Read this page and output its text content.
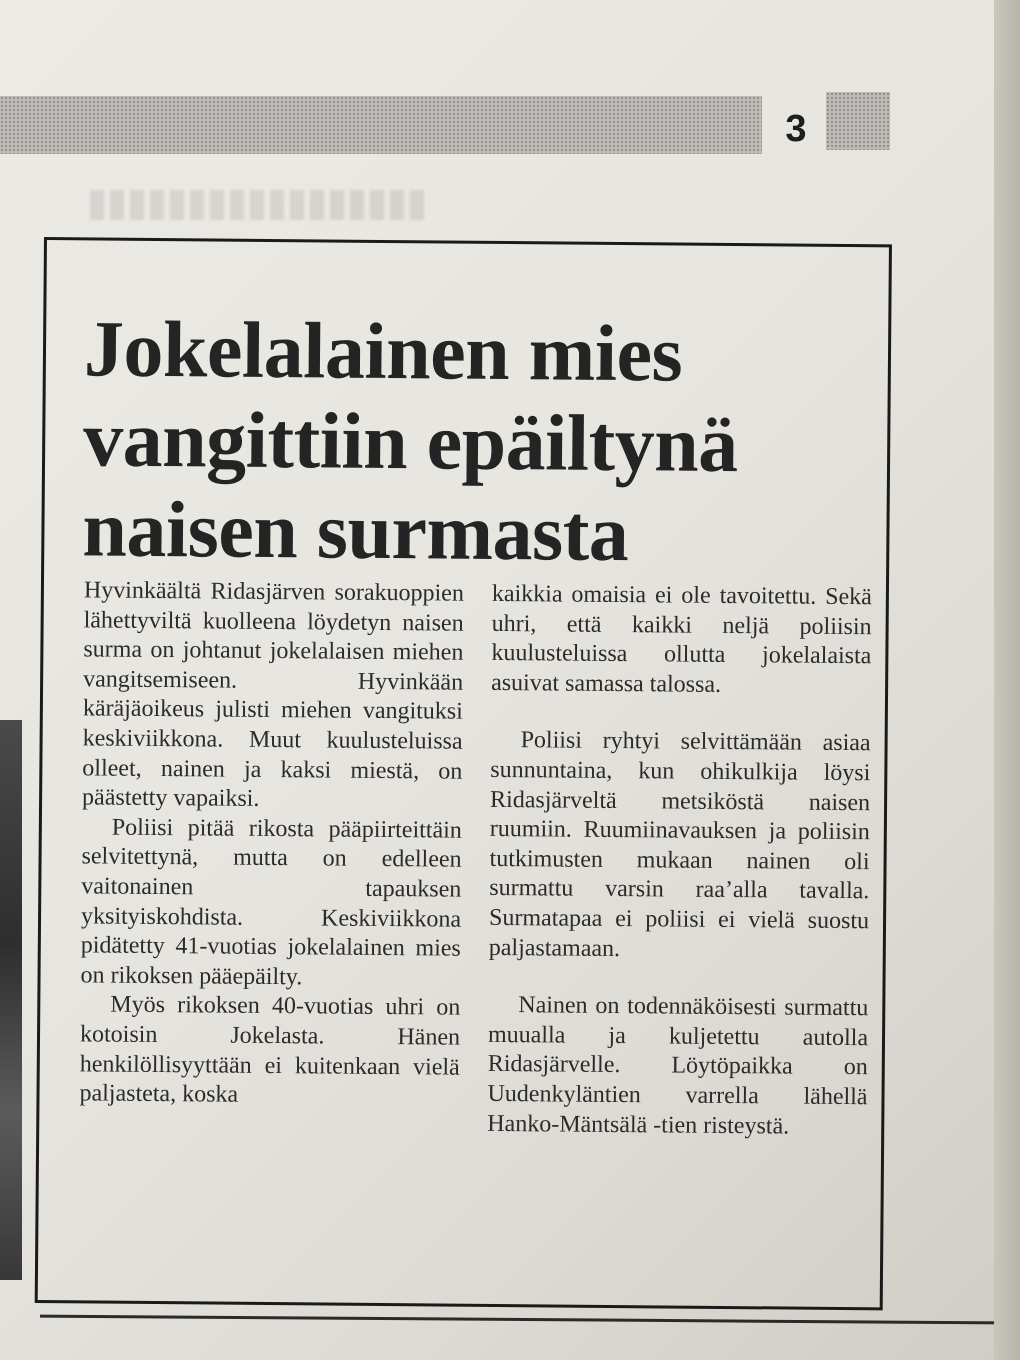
3
Jokelalainen mies
vangittiin epäiltynä
naisen surmasta

Hyvinkäältä Ridasjärven sorakuoppien lähettyviltä kuolleena löydetyn naisen surma on johtanut jokelalaisen miehen vangitsemiseen. Hyvinkään käräjäoikeus julisti miehen vangituksi keskiviikkona. Muut kuulusteluissa olleet, nainen ja kaksi miestä, on päästetty vapaiksi.

Poliisi pitää rikosta pääpiirteittäin selvitettynä, mutta on edelleen vaitonainen tapauksen yksityiskohdista. Keskiviikkona pidätetty 41-vuotias jokelalainen mies on rikoksen pääepäilty.

Myös rikoksen 40-vuotias uhri on kotoisin Jokelasta. Hänen henkilöllisyyttään ei kuitenkaan vielä paljasteta, koska

kaikkia omaisia ei ole tavoitettu. Sekä uhri, että kaikki neljä poliisin kuulusteluissa ollutta jokelalaista asuivat samassa talossa.

Poliisi ryhtyi selvittämään asiaa sunnuntaina, kun ohikulkija löysi Ridasjärveltä metsiköstä naisen ruumiin. Ruumiinavauksen ja poliisin tutkimusten mukaan nainen oli surmattu varsin raa’alla tavalla. Surmatapaa ei poliisi ei vielä suostu paljastamaan.

Nainen on todennäköisesti surmattu muualla ja kuljetettu autolla Ridasjärvelle. Löytöpaikka on Uudenkyläntien varrella lähellä Hanko-Mäntsälä -tien risteystä.
